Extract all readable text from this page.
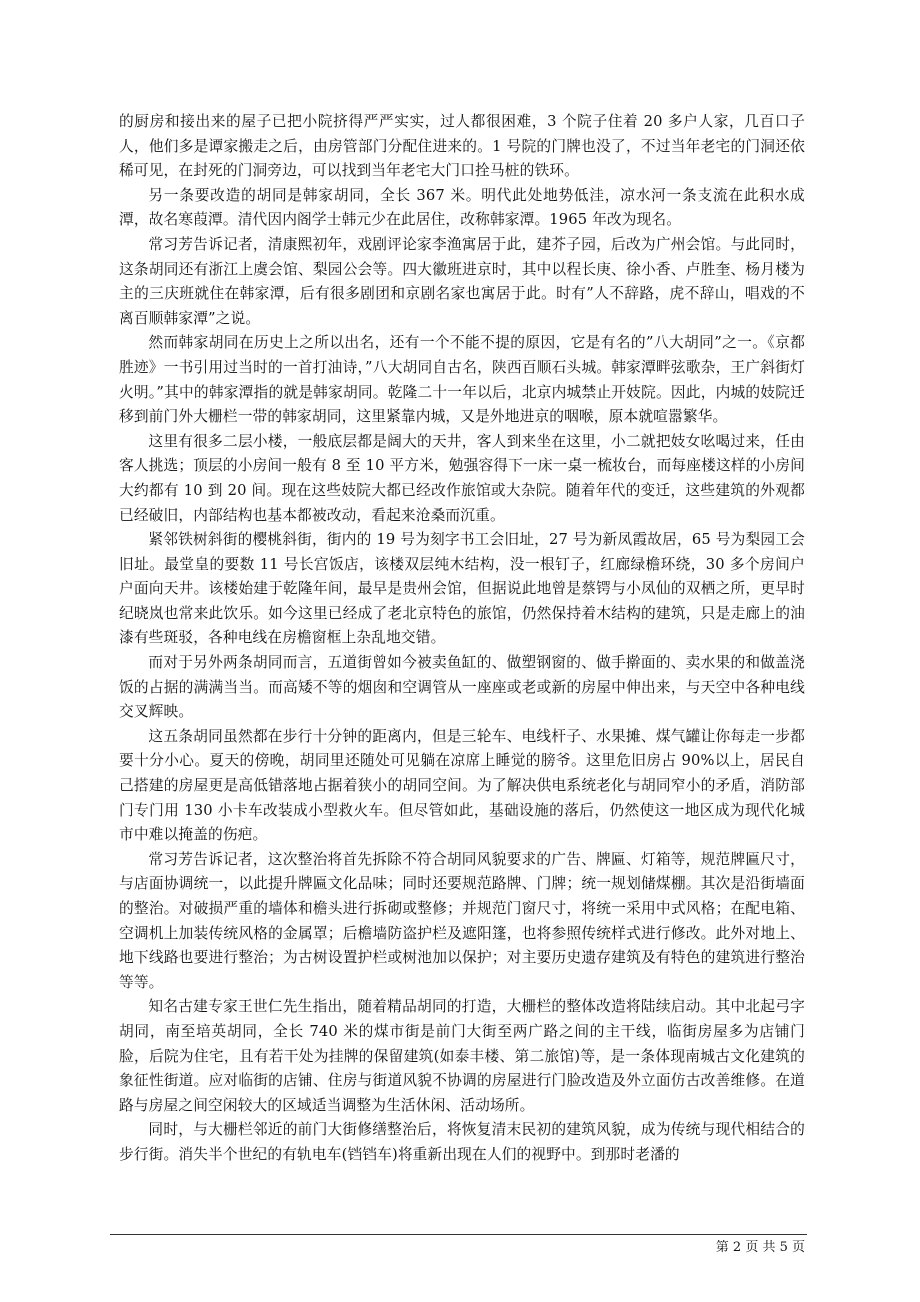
的厨房和接出来的屋子已把小院挤得严严实实，过人都很困难，3 个院子住着 20 多户人家，几百口子人，他们多是谭家搬走之后，由房管部门分配住进来的。1 号院的门牌也没了，不过当年老宅的门洞还依稀可见，在封死的门洞旁边，可以找到当年老宅大门口拴马桩的铁环。

另一条要改造的胡同是韩家胡同，全长 367 米。明代此处地势低洼，凉水河一条支流在此积水成潭，故名寒葭潭。清代因内阁学士韩元少在此居住，改称韩家潭。1965 年改为现名。

常习芳告诉记者，清康熙初年，戏剧评论家李渔寓居于此，建芥子园，后改为广州会馆。与此同时，这条胡同还有浙江上虞会馆、梨园公会等。四大徽班进京时，其中以程长庚、徐小香、卢胜奎、杨月楼为主的三庆班就住在韩家潭，后有很多剧团和京剧名家也寓居于此。时有”人不辞路，虎不辞山，唱戏的不离百顺韩家潭”之说。

然而韩家胡同在历史上之所以出名，还有一个不能不提的原因，它是有名的”八大胡同”之一。《京都胜迹》一书引用过当时的一首打油诗，”八大胡同自古名，陕西百顺石头城。韩家潭畔弦歌杂，王广斜街灯火明。”其中的韩家潭指的就是韩家胡同。乾隆二十一年以后，北京内城禁止开妓院。因此，内城的妓院迁移到前门外大栅栏一带的韩家胡同，这里紧靠内城，又是外地进京的咽喉，原本就喧嚣繁华。

这里有很多二层小楼，一般底层都是阔大的天井，客人到来坐在这里，小二就把妓女吆喝过来，任由客人挑选；顶层的小房间一般有 8 至 10 平方米，勉强容得下一床一桌一梳妆台，而每座楼这样的小房间大约都有 10 到 20 间。现在这些妓院大都已经改作旅馆或大杂院。随着年代的变迁，这些建筑的外观都已经破旧，内部结构也基本都被改动，看起来沧桑而沉重。

紧邻铁树斜街的樱桃斜街，街内的 19 号为刻字书工会旧址，27 号为新凤霞故居，65 号为梨园工会旧址。最堂皇的要数 11 号长宫饭店，该楼双层纯木结构，没一根钉子，红廊绿檐环绕，30 多个房间户户面向天井。该楼始建于乾隆年间，最早是贵州会馆，但据说此地曾是蔡锷与小凤仙的双栖之所，更早时纪晓岚也常来此饮乐。如今这里已经成了老北京特色的旅馆，仍然保持着木结构的建筑，只是走廊上的油漆有些斑驳，各种电线在房檐窗框上杂乱地交错。

而对于另外两条胡同而言，五道街曾如今被卖鱼缸的、做塑钢窗的、做手擀面的、卖水果的和做盖浇饭的占据的满满当当。而高矮不等的烟囱和空调管从一座座或老或新的房屋中伸出来，与天空中各种电线交叉辉映。

这五条胡同虽然都在步行十分钟的距离内，但是三轮车、电线杆子、水果摊、煤气罐让你每走一步都要十分小心。夏天的傍晚，胡同里还随处可见躺在凉席上睡觉的膀爷。这里危旧房占 90%以上，居民自己搭建的房屋更是高低错落地占据着狭小的胡同空间。为了解决供电系统老化与胡同窄小的矛盾，消防部门专门用 130 小卡车改装成小型救火车。但尽管如此，基础设施的落后，仍然使这一地区成为现代化城市中难以掩盖的伤疤。

常习芳告诉记者，这次整治将首先拆除不符合胡同风貌要求的广告、牌匾、灯箱等，规范牌匾尺寸，与店面协调统一，以此提升牌匾文化品味；同时还要规范路牌、门牌；统一规划储煤棚。其次是沿街墙面的整治。对破损严重的墙体和檐头进行拆砌或整修；并规范门窗尺寸，将统一采用中式风格；在配电箱、空调机上加装传统风格的金属罩；后檐墙防盗护栏及遮阳篷，也将参照传统样式进行修改。此外对地上、地下线路也要进行整治；为古树设置护栏或树池加以保护；对主要历史遗存建筑及有特色的建筑进行整治等等。

知名古建专家王世仁先生指出，随着精品胡同的打造，大栅栏的整体改造将陆续启动。其中北起弓字胡同，南至培英胡同，全长 740 米的煤市街是前门大街至两广路之间的主干线，临街房屋多为店铺门脸，后院为住宅，且有若干处为挂牌的保留建筑(如泰丰楼、第二旅馆)等，是一条体现南城古文化建筑的象征性街道。应对临街的店铺、住房与街道风貌不协调的房屋进行门脸改造及外立面仿古改善维修。在道路与房屋之间空闲较大的区域适当调整为生活休闲、活动场所。

同时，与大栅栏邻近的前门大街修缮整治后，将恢复清末民初的建筑风貌，成为传统与现代相结合的步行街。消失半个世纪的有轨电车(铛铛车)将重新出现在人们的视野中。到那时老潘的

第 2 页 共 5 页
